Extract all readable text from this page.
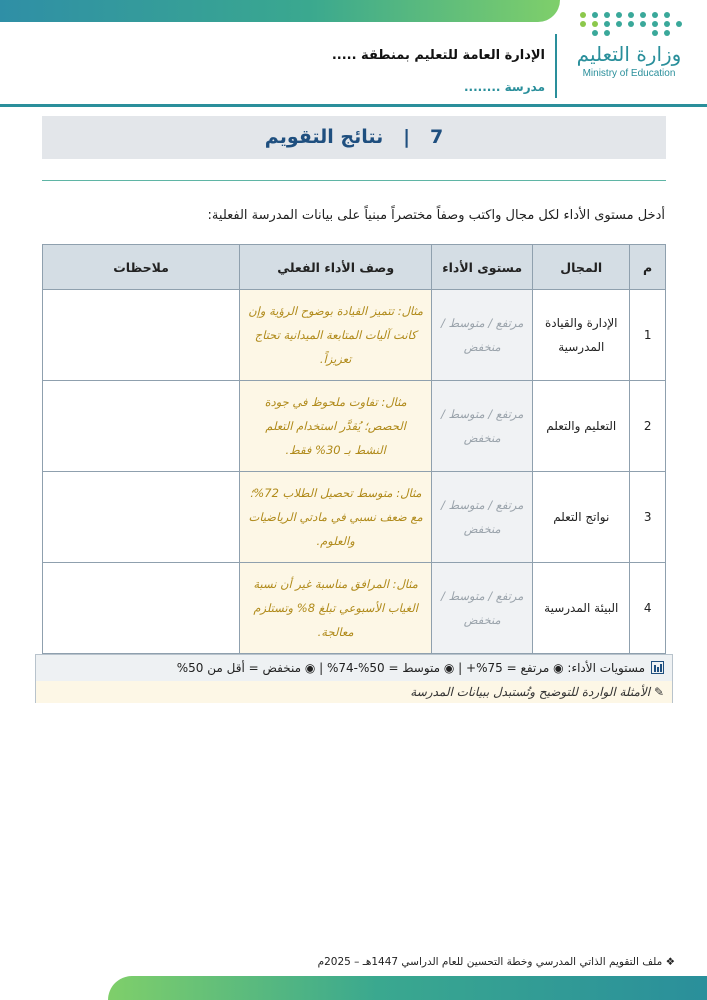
وزارة التعليم
Ministry of Education
الإدارة العامة للتعليم بمنطقة .....
مدرسة ........
7   |   نتائج التقويم
أدخل مستوى الأداء لكل مجال واكتب وصفاً مختصراً مبنياً على بيانات المدرسة الفعلية:
م	المجال	مستوى الأداء	وصف الأداء الفعلي	ملاحظات
1	الإدارة والقيادة المدرسية	مرتفع / متوسط / منخفض	مثال: تتميز القيادة بوضوح الرؤية وإن كانت آليات المتابعة الميدانية تحتاج تعزيزاً.	
2	التعليم والتعلم	مرتفع / متوسط / منخفض	مثال: تفاوت ملحوظ في جودة الحصص؛ يُقدَّر استخدام التعلم النشط بـ 30% فقط.	
3	نواتج التعلم	مرتفع / متوسط / منخفض	مثال: متوسط تحصيل الطلاب 72%؛ مع ضعف نسبي في مادتي الرياضيات والعلوم.	
4	البيئة المدرسية	مرتفع / متوسط / منخفض	مثال: المرافق مناسبة غير أن نسبة الغياب الأسبوعي تبلغ 8% وتستلزم معالجة.	
مستويات الأداء: ◉ مرتفع = 75%+ | ◉ متوسط = 50%-74% | ◉ منخفض = أقل من 50%
✎ الأمثلة الواردة للتوضيح وتُستبدل ببيانات المدرسة
❖ ملف التقويم الذاتي المدرسي وخطة التحسين للعام الدراسي 1447هـ – 2025م
